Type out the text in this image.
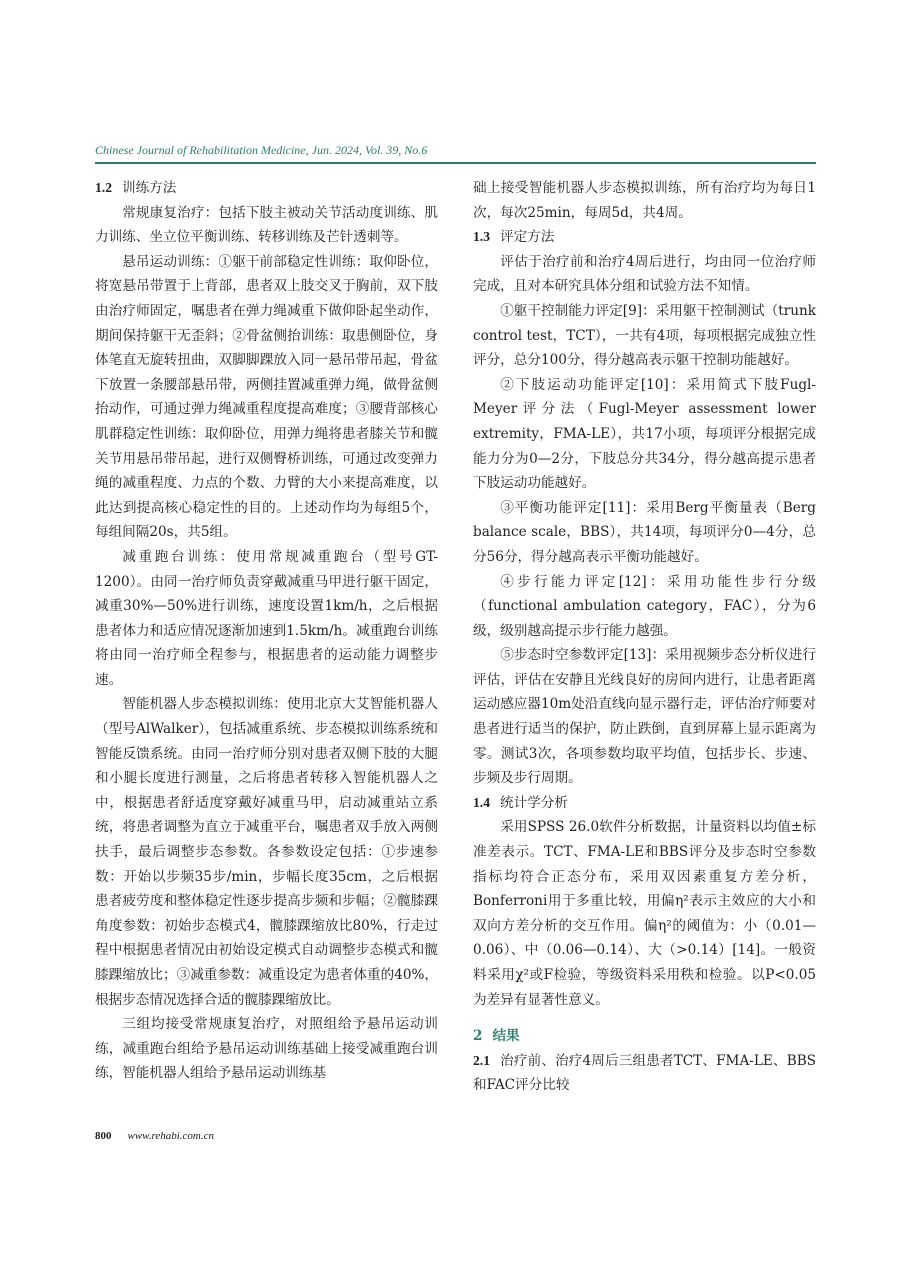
Chinese Journal of Rehabilitation Medicine, Jun. 2024, Vol. 39, No.6
1.2 训练方法

常规康复治疗：包括下肢主被动关节活动度训练、肌力训练、坐立位平衡训练、转移训练及芒针透刺等。

悬吊运动训练：①躯干前部稳定性训练：取仰卧位，将宽悬吊带置于上背部，患者双上肢交叉于胸前，双下肢由治疗师固定，嘱患者在弹力绳减重下做仰卧起坐动作，期间保持躯干无歪斜；②骨盆侧抬训练：取患侧卧位，身体笔直无旋转扭曲，双脚脚踝放入同一悬吊带吊起，骨盆下放置一条腰部悬吊带，两侧挂置减重弹力绳，做骨盆侧抬动作，可通过弹力绳减重程度提高难度；③腰背部核心肌群稳定性训练：取仰卧位，用弹力绳将患者膝关节和髋关节用悬吊带吊起，进行双侧臀桥训练，可通过改变弹力绳的减重程度、力点的个数、力臂的大小来提高难度，以此达到提高核心稳定性的目的。上述动作均为每组5个，每组间隔20s，共5组。

减重跑台训练：使用常规减重跑台（型号GT-1200）。由同一治疗师负责穿戴减重马甲进行躯干固定，减重30%—50%进行训练，速度设置1km/h，之后根据患者体力和适应情况逐渐加速到1.5km/h。减重跑台训练将由同一治疗师全程参与，根据患者的运动能力调整步速。

智能机器人步态模拟训练：使用北京大艾智能机器人（型号AlWalker），包括减重系统、步态模拟训练系统和智能反馈系统。由同一治疗师分别对患者双侧下肢的大腿和小腿长度进行测量，之后将患者转移入智能机器人之中，根据患者舒适度穿戴好减重马甲，启动减重站立系统，将患者调整为直立于减重平台，嘱患者双手放入两侧扶手，最后调整步态参数。各参数设定包括：①步速参数：开始以步频35步/min，步幅长度35cm，之后根据患者疲劳度和整体稳定性逐步提高步频和步幅；②髋膝踝角度参数：初始步态模式4，髋膝踝缩放比80%，行走过程中根据患者情况由初始设定模式自动调整步态模式和髋膝踝缩放比；③减重参数：减重设定为患者体重的40%，根据步态情况选择合适的髋膝踝缩放比。

三组均接受常规康复治疗，对照组给予悬吊运动训练，减重跑台组给予悬吊运动训练基础上接受减重跑台训练，智能机器人组给予悬吊运动训练基

础上接受智能机器人步态模拟训练，所有治疗均为每日1次，每次25min，每周5d，共4周。

1.3 评定方法

评估于治疗前和治疗4周后进行，均由同一位治疗师完成，且对本研究具体分组和试验方法不知情。

①躯干控制能力评定[9]：采用躯干控制测试（trunk control test，TCT），一共有4项，每项根据完成独立性评分，总分100分，得分越高表示躯干控制功能越好。

②下肢运动功能评定[10]：采用简式下肢Fugl-Meyer评分法（Fugl-Meyer assessment lower extremity，FMA-LE），共17小项，每项评分根据完成能力分为0—2分，下肢总分共34分，得分越高提示患者下肢运动功能越好。

③平衡功能评定[11]：采用Berg平衡量表（Berg balance scale，BBS），共14项，每项评分0—4分，总分56分，得分越高表示平衡功能越好。

④步行能力评定[12]：采用功能性步行分级（functional ambulation category，FAC），分为6级，级别越高提示步行能力越强。

⑤步态时空参数评定[13]：采用视频步态分析仪进行评估，评估在安静且光线良好的房间内进行，让患者距离运动感应器10m处沿直线向显示器行走，评估治疗师要对患者进行适当的保护，防止跌倒，直到屏幕上显示距离为零。测试3次，各项参数均取平均值，包括步长、步速、步频及步行周期。

1.4 统计学分析

采用SPSS 26.0软件分析数据，计量资料以均值±标准差表示。TCT、FMA-LE和BBS评分及步态时空参数指标均符合正态分布，采用双因素重复方差分析，Bonferroni用于多重比较，用偏η²表示主效应的大小和双向方差分析的交互作用。偏η²的阈值为：小（0.01—0.06）、中（0.06—0.14）、大（>0.14）[14]。一般资料采用χ²或F检验，等级资料采用秩和检验。以P<0.05为差异有显著性意义。

2 结果
2.1 治疗前、治疗4周后三组患者TCT、FMA-LE、BBS和FAC评分比较
800 www.rehabi.com.cn
